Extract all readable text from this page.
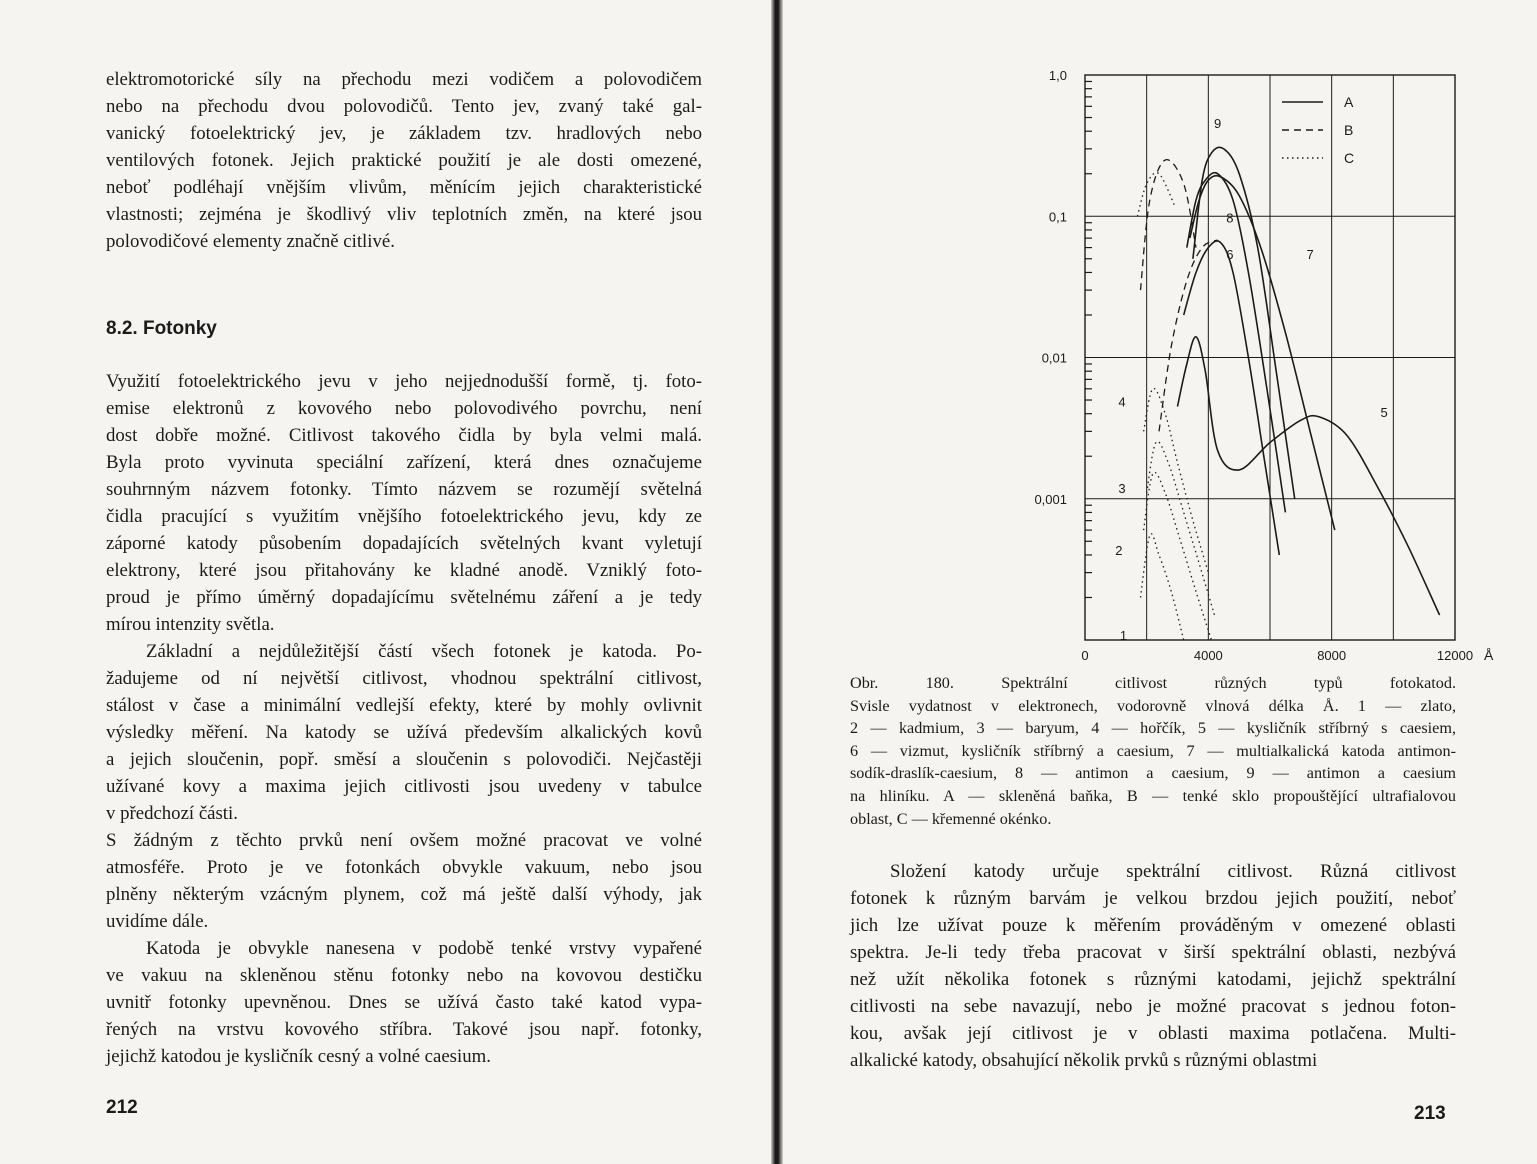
elektromotorické síly na přechodu mezi vodičem a polovodičem
nebo na přechodu dvou polovodičů. Tento jev, zvaný také gal-
vanický fotoelektrický jev, je základem tzv. hradlových nebo
ventilových fotonek. Jejich praktické použití je ale dosti omezené,
neboť podléhají vnějším vlivům, měnícím jejich charakteristické
vlastnosti; zejména je škodlivý vliv teplotních změn, na které jsou
polovodičové elementy značně citlivé.
8.2. Fotonky
Využití fotoelektrického jevu v jeho nejjednodušší formě, tj. foto-
emise elektronů z kovového nebo polovodivého povrchu, není
dost dobře možné. Citlivost takového čidla by byla velmi malá.
Byla proto vyvinuta speciální zařízení, která dnes označujeme
souhrnným názvem fotonky. Tímto názvem se rozumějí světelná
čidla pracující s využitím vnějšího fotoelektrického jevu, kdy ze
záporné katody působením dopadajících světelných kvant vyletují
elektrony, které jsou přitahovány ke kladné anodě. Vzniklý foto-
proud je přímo úměrný dopadajícímu světelnému záření a je tedy
mírou intenzity světla.
Základní a nejdůležitější částí všech fotonek je katoda. Po-
žadujeme od ní největší citlivost, vhodnou spektrální citlivost,
stálost v čase a minimální vedlejší efekty, které by mohly ovlivnit
výsledky měření. Na katody se užívá především alkalických kovů
a jejich sloučenin, popř. směsí a sloučenin s polovodiči. Nejčastěji
užívané kovy a maxima jejich citlivosti jsou uvedeny v tabulce
v předchozí části.
S žádným z těchto prvků není ovšem možné pracovat ve volné
atmosféře. Proto je ve fotonkách obvykle vakuum, nebo jsou
plněny některým vzácným plynem, což má ještě další výhody, jak
uvidíme dále.
Katoda je obvykle nanesena v podobě tenké vrstvy vypařené
ve vakuu na skleněnou stěnu fotonky nebo na kovovou destičku
uvnitř fotonky upevněnou. Dnes se užívá často také katod vypa-
řených na vrstvu kovového stříbra. Takové jsou např. fotonky,
jejichž katodou je kysličník cesný a volné caesium.
212
1,0
0,1
0,01
0,001
0	4000	8000	12000 Å
9
8
6	7
5
4
3
2
1
A
B
C
Obr. 180. Spektrální citlivost různých typů fotokatod.
Svisle vydatnost v elektronech, vodorovně vlnová délka Å. 1 — zlato,
2 — kadmium, 3 — baryum, 4 — hořčík, 5 — kysličník stříbrný s caesiem,
6 — vizmut, kysličník stříbrný a caesium, 7 — multialkalická katoda antimon-
sodík-draslík-caesium, 8 — antimon a caesium, 9 — antimon a caesium
na hliníku. A — skleněná baňka, B — tenké sklo propouštějící ultrafialovou
oblast, C — křemenné okénko.
Složení katody určuje spektrální citlivost. Různá citlivost
fotonek k různým barvám je velkou brzdou jejich použití, neboť
jich lze užívat pouze k měřením prováděným v omezené oblasti
spektra. Je-li tedy třeba pracovat v širší spektrální oblasti, nezbývá
než užít několika fotonek s různými katodami, jejichž spektrální
citlivosti na sebe navazují, nebo je možné pracovat s jednou foton-
kou, avšak její citlivost je v oblasti maxima potlačena. Multi-
alkalické katody, obsahující několik prvků s různými oblastmi
213
